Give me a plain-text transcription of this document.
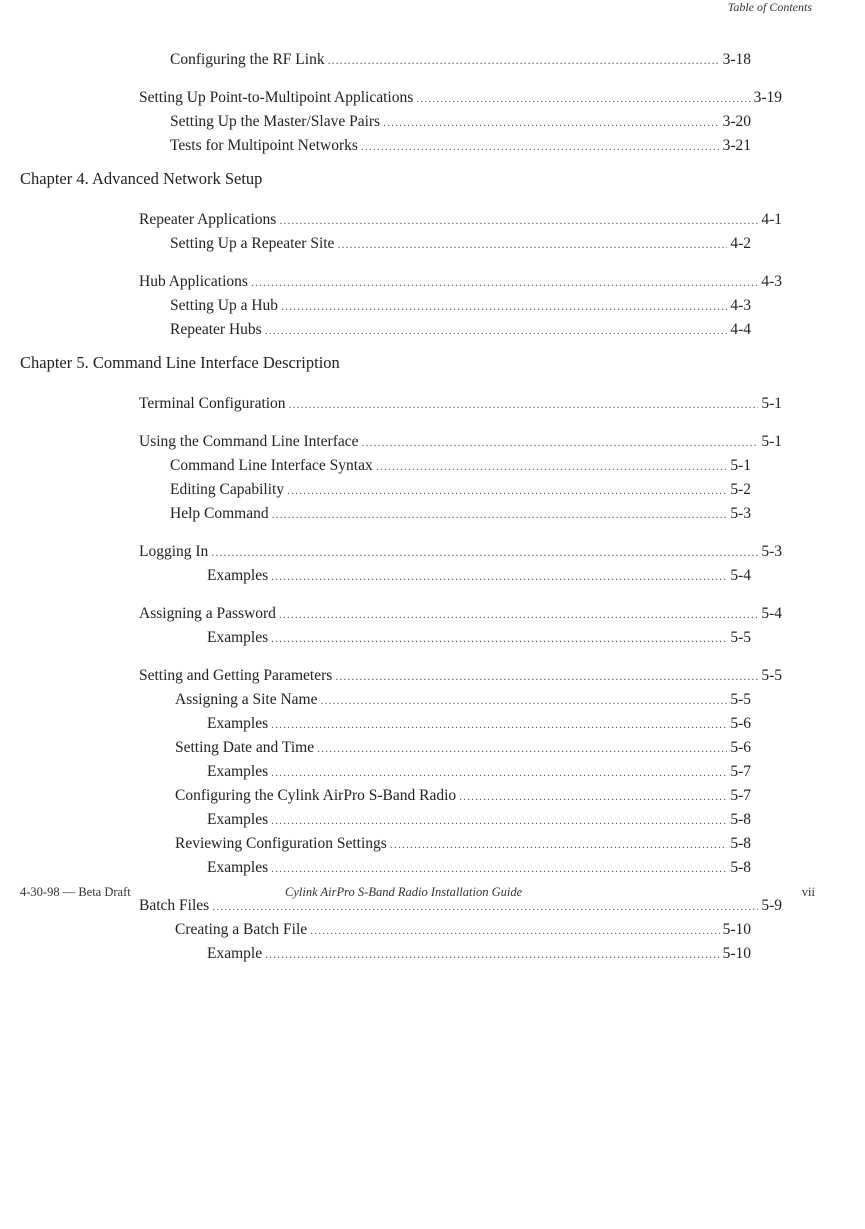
Table of Contents
Configuring the RF Link .....	3-18
Setting Up Point-to-Multipoint Applications .....	3-19
Setting Up the Master/Slave Pairs .....	3-20
Tests for Multipoint Networks .....	3-21
Chapter 4. Advanced Network Setup
Repeater Applications .....	4-1
Setting Up a Repeater Site .....	4-2
Hub Applications .....	4-3
Setting Up a Hub .....	4-3
Repeater Hubs .....	4-4
Chapter 5. Command Line Interface Description
Terminal Configuration .....	5-1
Using the Command Line Interface .....	5-1
Command Line Interface Syntax .....	5-1
Editing Capability .....	5-2
Help Command .....	5-3
Logging In .....	5-3
Examples .....	5-4
Assigning a Password .....	5-4
Examples .....	5-5
Setting and Getting Parameters .....	5-5
Assigning a Site Name .....	5-5
Examples .....	5-6
Setting Date and Time .....	5-6
Examples .....	5-7
Configuring the Cylink AirPro S-Band Radio .....	5-7
Examples .....	5-8
Reviewing Configuration Settings .....	5-8
Examples .....	5-8
Batch Files .....	5-9
Creating a Batch File .....	5-10
Example .....	5-10
4-30-98 — Beta Draft	Cylink AirPro S-Band Radio Installation Guide	vii
